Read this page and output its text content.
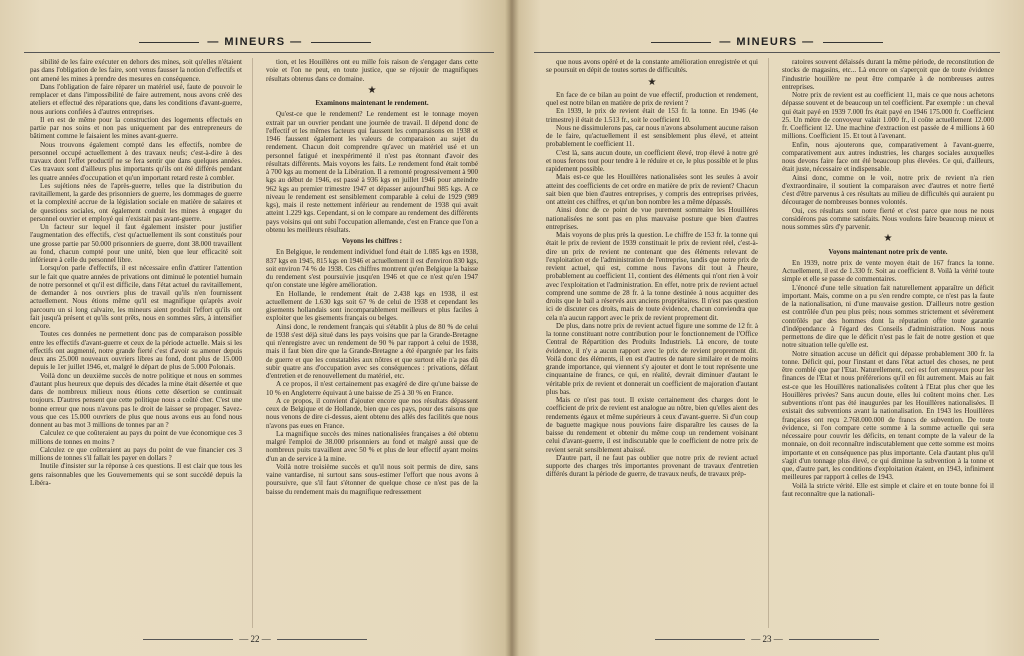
— MINEURS —

sibilité de les faire exécuter en dehors des mines, soit qu'elles n'étaient pas dans l'obligation de les faire, sont venus fausser la notion d'effectifs et ont amené les mines à prendre des mesures en conséquence.

Dans l'obligation de faire réparer un matériel usé, faute de pouvoir le remplacer et dans l'impossibilité de faire autrement, nous avons créé des ateliers et effectué des réparations que, dans les conditions d'avant-guerre, nous aurions confiées à d'autres entreprises.

Il en est de même pour la construction des logements effectués en partie par nos soins et non pas uniquement par des entrepreneurs de bâtiment comme le faisaient les mines avant-guerre.

Nous trouvons également compté dans les effectifs, nombre de personnel occupé actuellement à des travaux neufs; c'est-à-dire à des travaux dont l'effet productif ne se fera sentir que dans quelques années. Ces travaux sont d'ailleurs plus importants qu'ils ont été différés pendant les quatre années d'occupation et qu'un important retard reste à combler.

Les sujétions nées de l'après-guerre, telles que la distribution du ravitaillement, la garde des prisonniers de guerre, les dommages de guerre et la complexité accrue de la législation sociale en matière de salaires et de questions sociales, ont également conduit les mines à engager du personnel ouvrier et employé qui n'existait pas avant-guerre.

Un facteur sur lequel il faut également insister pour justifier l'augmentation des effectifs, c'est qu'actuellement ils sont constitués pour une grosse partie par 50.000 prisonniers de guerre, dont 38.000 travaillent au fond, chacun compté pour une unité, bien que leur efficacité soit inférieure à celle du personnel libre.

Lorsqu'on parle d'effectifs, il est nécessaire enfin d'attirer l'attention sur le fait que quatre années de privations ont diminué le potentiel humain de notre personnel et qu'il est difficile, dans l'état actuel du ravitaillement, de demander à nos ouvriers plus de travail qu'ils n'en fournissent actuellement. Nous étions même qu'il est magnifique qu'après avoir parcouru un si long calvaire, les mineurs aient produit l'effort qu'ils ont fait jusqu'à présent et qu'ils sont prêts, nous en sommes sûrs, à intensifier encore.

Toutes ces données ne permettent donc pas de comparaison possible entre les effectifs d'avant-guerre et ceux de la période actuelle. Mais si les effectifs ont augmenté, notre grande fierté c'est d'avoir su amener depuis deux ans 25.000 nouveaux ouvriers libres au fond, dont plus de 15.000 depuis le 1er juillet 1946, et, malgré le départ de plus de 5.000 Polonais.

Voilà donc un deuxième succès de notre politique et nous en sommes d'autant plus heureux que depuis des décades la mine était désertée et que dans de nombreux milieux nous étions cette désertion se continuait toujours. D'autres pensent que cette politique nous a coûté cher. C'est une bonne erreur que nous n'avons pas le droit de laisser se propager. Savez-vous que ces 15.000 ouvriers de plus que nous avons eus au fond nous donnent au bas mot 3 millions de tonnes par an ?

Calculez ce que coûteraient au pays du point de vue économique ces 3 millions de tonnes en moins ?

Calculez ce que coûteraient au pays du point de vue financier ces 3 millions de tonnes s'il fallait les payer en dollars ?

Inutile d'insister sur la réponse à ces questions. Il est clair que tous les gens raisonnables que les Gouvernements qui se sont succédé depuis la Libéra-

tion, et les Houillères ont eu mille fois raison de s'engager dans cette voie et l'on ne peut, en toute justice, que se réjouir de magnifiques résultats obtenus dans ce domaine.

★

Examinons maintenant le rendement.

Qu'est-ce que le rendement? Le rendement est le tonnage moyen extrait par un ouvrier pendant une journée de travail. Il dépend donc de l'effectif et les mêmes facteurs qui faussent les comparaisons en 1938 et 1946 faussent également les valeurs de comparaison au sujet du rendement. Chacun doit comprendre qu'avec un matériel usé et un personnel fatigué et inexpérimenté il n'est pas étonnant d'avoir des résultats différents. Mais voyons les faits. Le rendement fond était tombé à 700 kgs au moment de la Libération. Il a remonté progressivement à 900 kgs au début de 1946, est passé à 936 kgs en juillet 1946 pour atteindre 962 kgs au premier trimestre 1947 et dépasser aujourd'hui 985 kgs. A ce niveau le rendement est sensiblement comparable à celui de 1929 (989 kgs), mais il reste nettement inférieur au rendement de 1938 qui avait atteint 1.229 kgs. Cependant, si on le compare au rendement des différents pays voisins qui ont subi l'occupation allemande, c'est en France que l'on a obtenu les meilleurs résultats.

Voyons les chiffres :

En Belgique, le rendement individuel fond était de 1.085 kgs en 1938, 837 kgs en 1945, 815 kgs en 1946 et actuellement il est d'environ 830 kgs, soit environ 74 % de 1938. Ces chiffres montrent qu'en Belgique la baisse du rendement s'est poursuivie jusqu'en 1946 et que ce n'est qu'en 1947 qu'on constate une légère amélioration.

En Hollande, le rendement était de 2.438 kgs en 1938, il est actuellement de 1.630 kgs soit 67 % de celui de 1938 et cependant les gisements hollandais sont incomparablement meilleurs et plus faciles à exploiter que les gisements français ou belges.

Ainsi donc, le rendement français qui s'établit à plus de 80 % de celui de 1938 s'est déjà situé dans les pays voisins que par la Grande-Bretagne qui n'enregistre avec un rendement de 90 % par rapport à celui de 1938, mais il faut bien dire que la Grande-Bretagne a été épargnée par les faits de guerre et que les constatables aux nôtres et que surtout elle n'a pas dû subir quatre ans d'occupation avec ses conséquences : privations, défaut d'entretien et de renouvellement du matériel, etc.

A ce propos, il n'est certainement pas exagéré de dire qu'une baisse de 10 % en Angleterre équivaut à une baisse de 25 à 30 % en France.

A ce propos, il convient d'ajouter encore que nos résultats dépassent ceux de Belgique et de Hollande, bien que ces pays, pour des raisons que nous venons de dire ci-dessus, aient obtenu des allés des facilités que nous n'avons pas eues en France.

La magnifique succès des mines nationalisées françaises a été obtenu malgré l'emploi de 38.000 prisonniers au fond et malgré aussi que de nombreux puits travaillent avec 50 % et plus de leur effectif ayant moins d'un an de service à la mine.

Voilà notre troisième succès et qu'il nous soit permis de dire, sans vaine vantardise, ni surtout sans sous-estimer l'effort que nous avons à poursuivre, que s'il faut s'étonner de quelque chose ce n'est pas de la baisse du rendement mais du magnifique redressement

— 22 —
— MINEURS —

que nous avons opéré et de la constante amélioration enregistrée et qui se poursuit en dépit de toutes sortes de difficultés.

★

En face de ce bilan au point de vue effectif, production et rendement, quel est notre bilan en matière de prix de revient ?

En 1939, le prix de revient était de 153 fr. la tonne. En 1946 (4e trimestre) il était de 1.513 fr., soit le coefficient 10.

Nous ne dissimulerons pas, car nous n'avons absolument aucune raison de le faire, qu'actuellement il est sensiblement plus élevé, et atteint probablement le coefficient 11.

C'est là, sans aucun doute, un coefficient élevé, trop élevé à notre gré et nous ferons tout pour tendre à le réduire et ce, le plus possible et le plus rapidement possible.

Mais est-ce que les Houillères nationalisées sont les seules à avoir atteint des coefficients de cet ordre en matière de prix de revient? Chacun sait bien que bien d'autres entreprises, y compris des entreprises privées, ont atteint ces chiffres, et qu'un bon nombre les a même dépassés.

Ainsi donc de ce point de vue purement sommaire les Houillères nationalisées ne sont pas en plus mauvaise posture que bien d'autres entreprises.

Mais voyons de plus près la question. Le chiffre de 153 fr. la tonne qui était le prix de revient de 1939 constituait le prix de revient réel, c'est-à-dire un prix de revient ne contenant que des éléments relevant de l'exploitation et de l'administration de l'entreprise, tandis que notre prix de revient actuel, qui est, comme nous l'avons dit tout à l'heure, probablement au coefficient 11, contient des éléments qui n'ont rien à voir avec l'exploitation et l'administration. En effet, notre prix de revient actuel comprend une somme de 28 fr. à la tonne destinée à nous acquitter des droits que le bail a réservés aux anciens propriétaires. Il n'est pas question ici de discuter ces droits, mais de toute évidence, chacun conviendra que cela n'a aucun rapport avec le prix de revient proprement dit.

De plus, dans notre prix de revient actuel figure une somme de 12 fr. à la tonne constituant notre contribution pour le fonctionnement de l'Office Central de Répartition des Produits Industriels. Là encore, de toute évidence, il n'y a aucun rapport avec le prix de revient proprement dit. Voilà donc des éléments, il en est d'autres de nature similaire et de moins grande importance, qui viennent s'y ajouter et dont le tout représente une cinquantaine de francs, ce qui, en réalité, devrait diminuer d'autant le véritable prix de revient et donnerait un coefficient de majoration d'autant plus bas.

Mais ce n'est pas tout. Il existe certainement des charges dont le coefficient de prix de revient est analogue au nôtre, bien qu'elles aient des rendements égaux et même supérieurs à ceux d'avant-guerre. Si d'un coup de baguette magique nous pouvions faire disparaître les causes de la baisse du rendement et obtenir du même coup un rendement voisinant celui d'avant-guerre, il est indiscutable que le coefficient de notre prix de revient serait sensiblement abaissé.

D'autre part, il ne faut pas oublier que notre prix de revient actuel supporte des charges très importantes provenant de travaux d'entretien différés durant la période de guerre, de travaux neufs, de travaux prép-

ratoires souvent délaissés durant la même période, de reconstitution de stocks de magasins, etc... Là encore on s'aperçoit que de toute évidence l'industrie houillère ne peut être comparée à de nombreuses autres entreprises.

Notre prix de revient est au coefficient 11, mais ce que nous achetons dépasse souvent et de beaucoup un tel coefficient. Par exemple : un cheval qui était payé en 1939 7.000 frs était payé en 1946 175.000 fr. Coefficient 25. Un mètre de convoyeur valait 1.000 fr., il coûte actuellement 12.000 fr. Coefficient 12. Une machine d'extraction est passée de 4 millions à 60 millions. Coefficient 15. Et tout à l'avenant.

Enfin, nous ajouterons que, comparativement à l'avant-guerre, comparativement aux autres industries, les charges sociales auxquelles nous devons faire face ont été beaucoup plus élevées. Ce qui, d'ailleurs, était juste, nécessaire et indispensable.

Ainsi donc, comme on le voit, notre prix de revient n'a rien d'extraordinaire, il soutient la comparaison avec d'autres et notre fierté c'est d'être parvenus à ces résultats au milieu de difficultés qui auraient pu décourager de nombreuses bonnes volontés.

Oui, ces résultats sont notre fierté et c'est parce que nous ne nous considérons pas comme satisfaits. Nous voulons faire beaucoup mieux et nous sommes sûrs d'y parvenir.

★

Voyons maintenant notre prix de vente.

En 1939, notre prix de vente moyen était de 167 francs la tonne. Actuellement, il est de 1.330 fr. Soit au coefficient 8. Voilà la vérité toute simple et elle se passe de commentaires.

L'énoncé d'une telle situation fait naturellement apparaître un déficit important. Mais, comme on a pu s'en rendre compte, ce n'est pas la faute de la nationalisation, ni d'une mauvaise gestion. D'ailleurs notre gestion est contrôlée d'un peu plus près; nous sommes strictement et sévèrement contrôlés par des hommes dont la réputation offre toute garantie d'indépendance à l'égard des Conseils d'administration. Nous nous permettons de dire que le déficit n'est pas le fait de notre gestion et que notre situation telle qu'elle est.

Notre situation accuse un déficit qui dépasse probablement 300 fr. la tonne. Déficit qui, pour l'instant et dans l'état actuel des choses, ne peut être comblé que par l'Etat. Naturellement, ceci est fort ennuyeux pour les finances de l'Etat et nous préférerions qu'il en fût autrement. Mais au fait est-ce que les Houillères nationalisées coûtent à l'Etat plus cher que les Houillères privées? Sans aucun doute, elles lui coûtent moins cher. Les subventions n'ont pas été inaugurées par les Houillères nationalisées. Il existait des subventions avant la nationalisation. En 1943 les Houillères françaises ont reçu 2.768.000.000 de francs de subvention. De toute évidence, si l'on compare cette somme à la somme actuelle qui sera nécessaire pour couvrir les déficits, en tenant compte de la valeur de la monnaie, on doit reconnaître indiscutablement que cette somme est moins importante et en conséquence pas plus importante. Cela d'autant plus qu'il s'agit d'un tonnage plus élevé, ce qui diminue la subvention à la tonne et que, d'autre part, les conditions d'exploitation étaient, en 1943, infiniment meilleures par rapport à celles de 1943.

Voilà la stricte vérité. Elle est simple et claire et en toute bonne foi il faut reconnaître que la nationali-

— 23 —
